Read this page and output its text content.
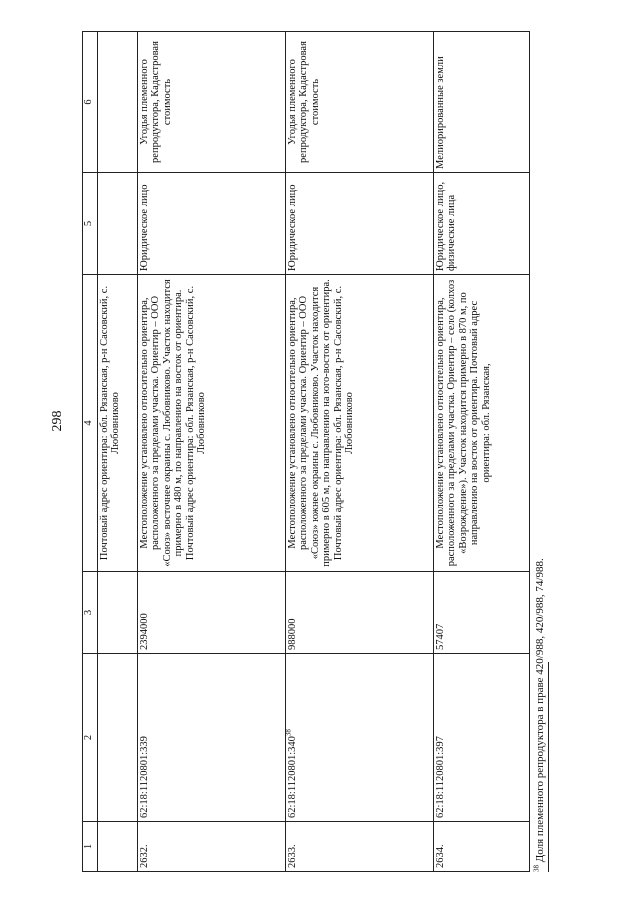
298
1	2	3	4	5	6
			Почтовый адрес ориентира: обл. Рязанская, р-н Сасовский, с. Любовниково		
2632.	62:18:1120801:339	2394000	Местоположение установлено относительно ориентира, расположенного за пределами участка. Ориентир – ООО «Союз» восточнее окраины с. Любовниково. Участок находится примерно в 480 м, по направлению на восток от ориентира. Почтовый адрес ориентира: обл. Рязанская, р-н Сасовский, с. Любовниково	Юридическое лицо	Угодья племенного репродуктора, Кадастровая стоимость
2633.	$62:18:1120801:340^{38}$	988000	Местоположение установлено относительно ориентира, расположенного за пределами участка. Ориентир – ООО «Союз» южнее окраины с. Любовниково. Участок находится примерно в 605 м, по направлению на юго-восток от ориентира. Почтовый адрес ориентира: обл. Рязанская, р-н Сасовский, с. Любовниково	Юридическое лицо	Угодья племенного репродуктора, Кадастровая стоимость
2634.	62:18:1120801:397	57407	Местоположение установлено относительно ориентира, расположенного за пределами участка. Ориентир – село (колхоз «Возрождение»). Участок находится примерно в 870 м, по направлению на восток от ориентира. Почтовый адрес ориентира: обл. Рязанская,	Юридическое лицо, физические лица	Мелиорированные земли
$^{38}$ Доля племенного репродуктора в праве 420/988, 420/988, 74/988.
